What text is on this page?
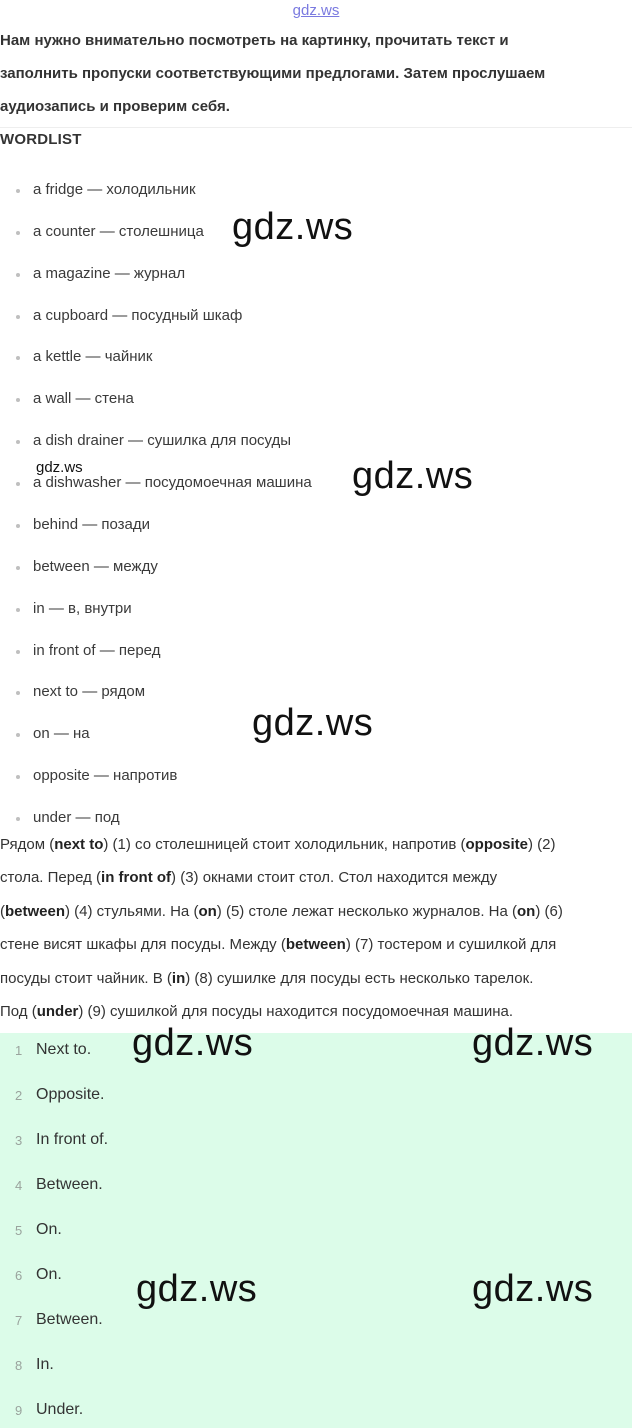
gdz.ws
Нам нужно внимательно посмотреть на картинку, прочитать текст и
заполнить пропуски соответствующими предлогами. Затем прослушаем
аудиозапись и проверим себя.
WORDLIST
a fridge — холодильник
a counter — столешница
a magazine — журнал
a cupboard — посудный шкаф
a kettle — чайник
a wall — стена
a dish drainer — сушилка для посуды
a dishwasher — посудомоечная машина
behind — позади
between — между
in — в, внутри
in front of — перед
next to — рядом
on — на
opposite — напротив
under — под
Рядом (next to) (1) со столешницей стоит холодильник, напротив (opposite) (2)
стола. Перед (in front of) (3) окнами стоит стол. Стол находится между
(between) (4) стульями. На (on) (5) столе лежат несколько журналов. На (on) (6)
стене висят шкафы для посуды. Между (between) (7) тостером и сушилкой для
посуды стоит чайник. В (in) (8) сушилке для посуды есть несколько тарелок.
Под (under) (9) сушилкой для посуды находится посудомоечная машина.
1 Next to.
2 Opposite.
3 In front of.
4 Between.
5 On.
6 On.
7 Between.
8 In.
9 Under.
gdz.ws
gdz.ws
gdz.ws
gdz.ws
gdz.ws	gdz.ws
gdz.ws	gdz.ws
